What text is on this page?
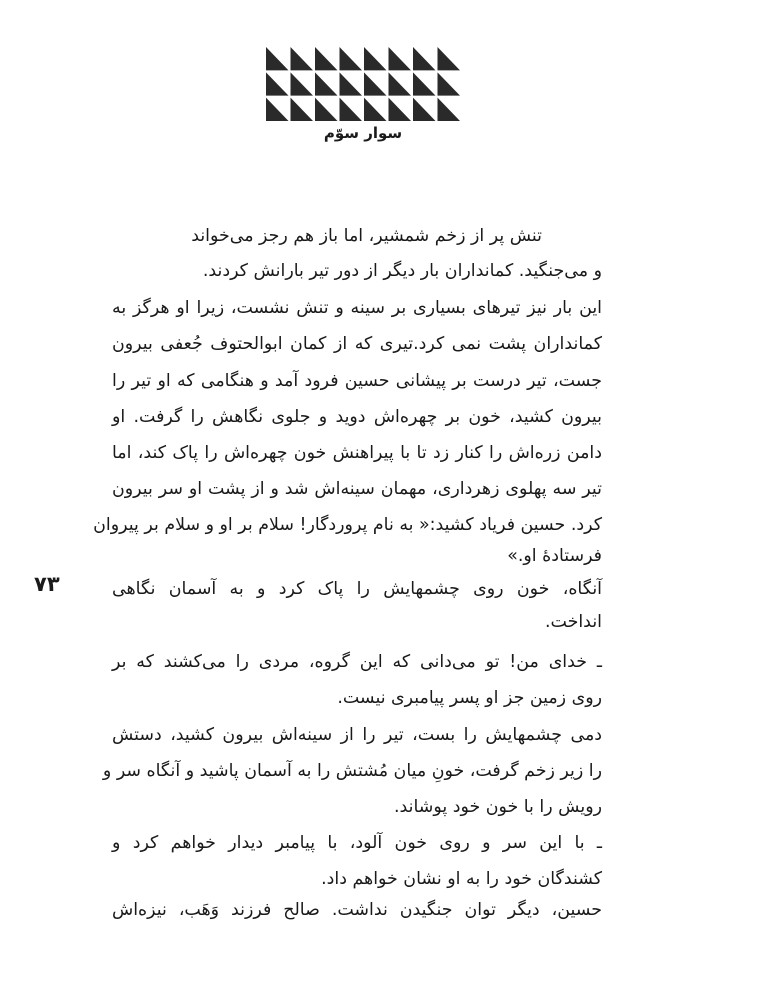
سوار سوّم
۷۳
تنش پر از زخم شمشیر، اما باز هم رجز می‌خواند
و می‌جنگید. کمانداران بار دیگر از دور تیر بارانش کردند.
این بار نیز تیرهای بسیاری بر سینه و تنش نشست، زیرا او هرگز به
کمانداران پشت نمی کرد.تیری که از کمان ابوالحتوف جُعفی بیرون
جست، تیر درست بر پیشانی حسین فرود آمد و هنگامی که او تیر را
بیرون کشید، خون بر چهره‌اش دوید و جلوی نگاهش را گرفت. او
دامن زره‌اش را کنار زد تا با پیراهنش خون چهره‌اش را پاک کند، اما
تیر سه پهلوی زهرداری، مهمان سینه‌اش شد و از پشت او سر بیرون
کرد. حسین فریاد کشید:« به نام پروردگار! سلام بر او و سلام بر پیروان
فرستادهٔ او.»
آنگاه، خون روی چشمهایش را پاک کرد و به آسمان نگاهی
انداخت.
ـ خدای من! تو می‌دانی که این گروه، مردی را می‌کشند که بر
روی زمین جز او پسر پیامبری نیست.
دمی چشمهایش را بست، تیر را از سینه‌اش بیرون کشید، دستش
را زیر زخم گرفت، خونِ میان مُشتش را به آسمان پاشید و آنگاه سر و
رویش را با خون خود پوشاند.
ـ با این سر و روی خون آلود، با پیامبر دیدار خواهم کرد و
کشندگان خود را به او نشان خواهم داد.
حسین، دیگر توان جنگیدن نداشت. صالح فرزند وَهَب، نیزه‌اش
